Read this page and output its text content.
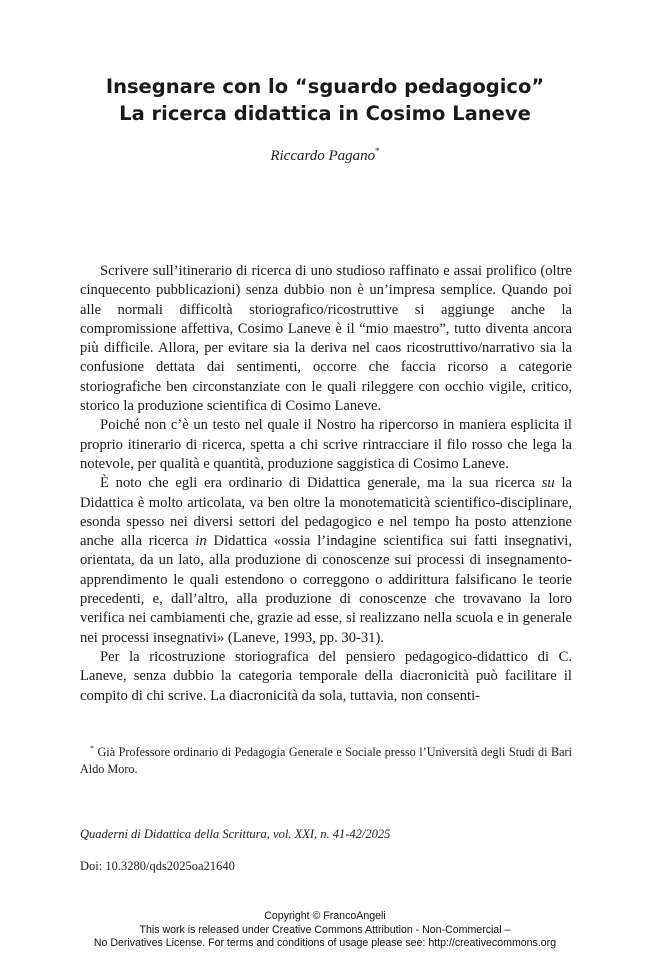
Insegnare con lo “sguardo pedagogico”
La ricerca didattica in Cosimo Laneve
Riccardo Pagano*

Scrivere sull’itinerario di ricerca di uno studioso raffinato e assai prolifico (oltre cinquecento pubblicazioni) senza dubbio non è un’impresa semplice. Quando poi alle normali difficoltà storiografico/ricostruttive si aggiunge anche la compromissione affettiva, Cosimo Laneve è il “mio maestro”, tutto diventa ancora più difficile. Allora, per evitare sia la deriva nel caos ricostruttivo/narrativo sia la confusione dettata dai sentimenti, occorre che faccia ricorso a categorie storiografiche ben circonstanziate con le quali rileggere con occhio vigile, critico, storico la produzione scientifica di Cosimo Laneve.

Poiché non c’è un testo nel quale il Nostro ha ripercorso in maniera esplicita il proprio itinerario di ricerca, spetta a chi scrive rintracciare il filo rosso che lega la notevole, per qualità e quantità, produzione saggistica di Cosimo Laneve.

È noto che egli era ordinario di Didattica generale, ma la sua ricerca su la Didattica è molto articolata, va ben oltre la monotematicità scientifico-disciplinare, esonda spesso nei diversi settori del pedagogico e nel tempo ha posto attenzione anche alla ricerca in Didattica «ossia l’indagine scientifica sui fatti insegnativi, orientata, da un lato, alla produzione di conoscenze sui processi di insegnamento-apprendimento le quali estendono o correggono o addirittura falsificano le teorie precedenti, e, dall’altro, alla produzione di conoscenze che trovavano la loro verifica nei cambiamenti che, grazie ad esse, si realizzano nella scuola e in generale nei processi insegnativi» (Laneve, 1993, pp. 30-31).

Per la ricostruzione storiografica del pensiero pedagogico-didattico di C. Laneve, senza dubbio la categoria temporale della diacronicità può facilitare il compito di chi scrive. La diacronicità da sola, tuttavia, non consenti-

* Già Professore ordinario di Pedagogia Generale e Sociale presso l’Università degli Studi di Bari Aldo Moro.
Quaderni di Didattica della Scrittura, vol. XXI, n. 41-42/2025
Doi: 10.3280/qds2025oa21640
Copyright © FrancoAngeli
This work is released under Creative Commons Attribution - Non-Commercial –
No Derivatives License. For terms and conditions of usage please see: http://creativecommons.org
